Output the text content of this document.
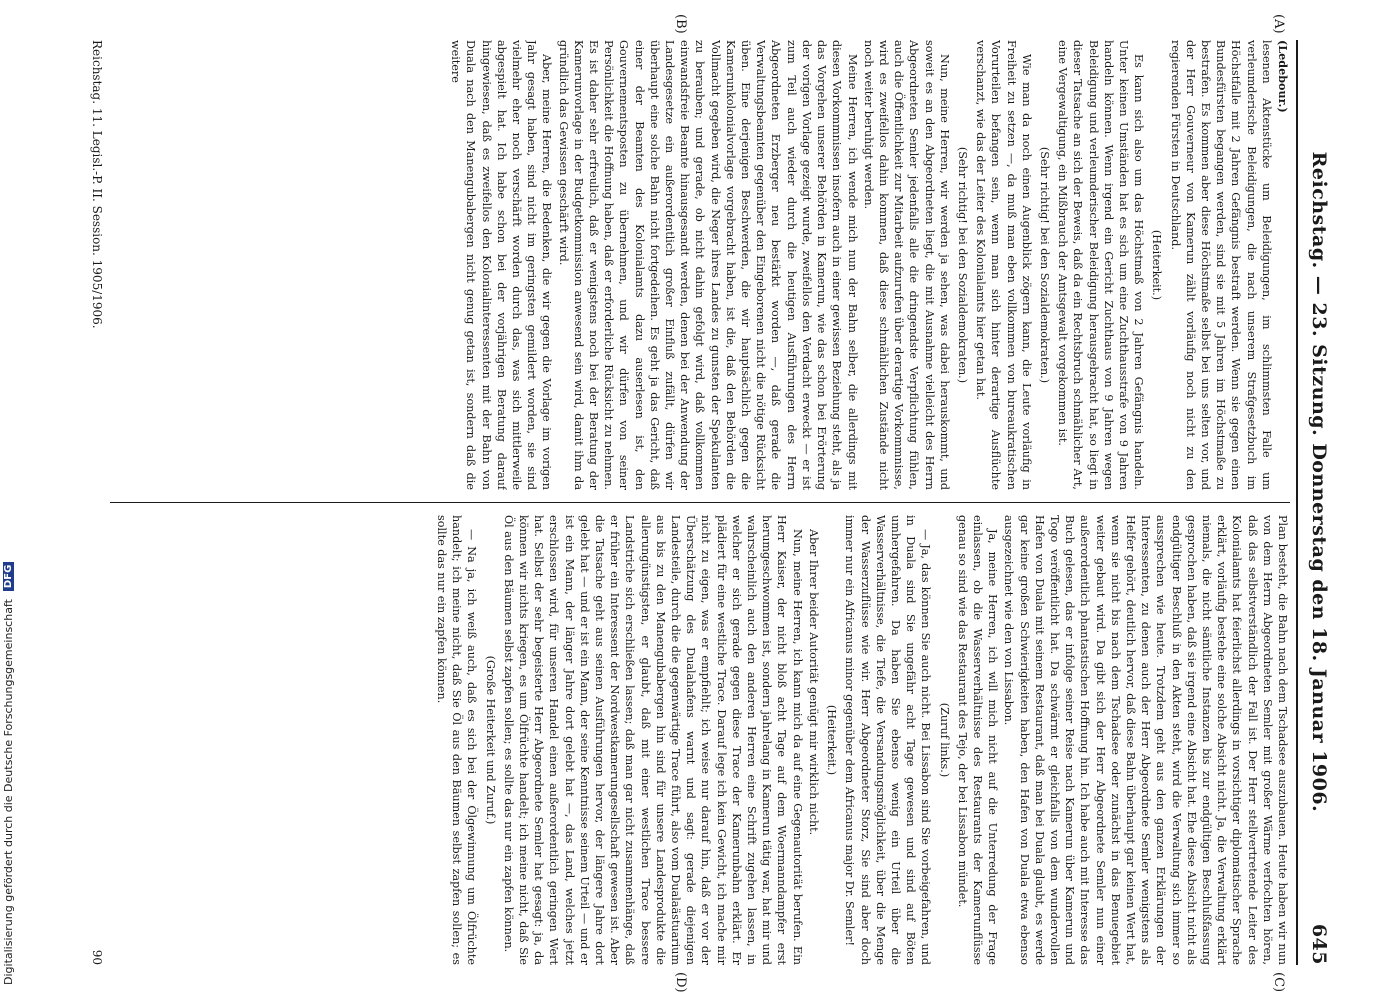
Reichstag. — 23. Sitzung. Donnerstag den 18. Januar 1906.
645

(Ledebour.)

lesenen Aktenstücke um Beleidigungen, im schlimmsten Falle um verleumderische Beleidigungen, die nach unserem Strafgesetzbuch im Höchstfalle mit 2 Jahren Gefängnis bestraft werden. Wenn sie gegen einen Bundesfürsten begangen werden, sind sie mit 5 Jahren im Höchstmaße zu bestrafen. Es kommen aber diese Höchstmaße selbst bei uns selten vor, und der Herr Gouverneur von Kamerun zählt vorläufig noch nicht zu den regierenden Fürsten in Deutschland.

(Heiterkeit.)

Es kann sich also um das Höchstmaß von 2 Jahren Gefängnis handeln. Unter keinen Umständen hat es sich um eine Zuchthausstrafe von 9 Jahren handeln können. Wenn irgend ein Gericht Zuchthaus von 9 Jahren wegen Beleidigung und verleumderischer Beleidigung herausgebracht hat, so liegt in dieser Tatsache an sich der Beweis, daß da ein Rechtsbruch schmählicher Art, eine Vergewaltigung, ein Mißbrauch der Amtsgewalt vorgekommen ist.

(Sehr richtig! bei den Sozialdemokraten.)

Wie man da noch einen Augenblick zögern kann, die Leute vorläufig in Freiheit zu setzen —, da muß man eben vollkommen von bureaukratischen Vorurteilen befangen sein, wenn man sich hinter derartige Ausflüchte verschanzt, wie das der Leiter des Kolonialamts hier getan hat.

(Sehr richtig! bei den Sozialdemokraten.)

Nun, meine Herren, wir werden ja sehen, was dabei herauskommt, und soweit es an den Abgeordneten liegt, die mit Ausnahme vielleicht des Herrn Abgeordneten Semler jedenfalls alle die dringendste Verpflichtung fühlen, auch die Öffentlichkeit zur Mitarbeit aufzurufen über derartige Vorkommnisse, wird es zweifellos dahin kommen, daß diese schmählichen Zustände nicht noch weiter beruhigt werden.

Meine Herren, ich wende mich nun der Bahn selber, die allerdings mit diesen Vorkommnissen insofern auch in einer gewissen Beziehung steht, als ja das Vorgehen unserer Behörden in Kamerun, wie das schon bei Erörterung der vorigen Vorlage gezeigt wurde, zweifellos den Verdacht erweckt — er ist zum Teil auch wieder durch die heutigen Ausführungen des Herrn Abgeordneten Erzberger neu bestärkt worden —, daß gerade die Verwaltungsbeamten gegenüber den Eingeborenen nicht die nötige Rücksicht üben. Eine derjenigen Beschwerden, die wir hauptsächlich gegen die Kamerunkolonialvorlage vorgebracht haben, ist die, daß den Behörden die Vollmacht gegeben wird, die Neger ihres Landes zu gunsten der Spekulanten zu berauben; und gerade, ob nicht dahin gefolgt wird, daß vollkommen einwandsfreie Beamte hinausgesandt werden, denen bei der Anwendung der Landesgesetze ein außerordentlich großer Einfluß zufällt, dürfen wir überhaupt eine solche Bahn nicht fortgedeihen. Es geht ja das Gericht, daß einer der Beamten des Kolonialamts dazu auserlesen ist, den Gouvernementsposten zu übernehmen, und wir dürfen von seiner Persönlichkeit die Hoffnung haben, daß er erforderliche Rücksicht zu nehmen. Es ist daher sehr erfreulich, daß er wenigstens noch bei der Beratung der Kamerunvorlage in der Budgetkommission anwesend sein wird, damit ihm da gründlich das Gewissen geschärft wird.

Aber, meine Herren, die Bedenken, die wir gegen die Vorlage im vorigen Jahr gesagt haben, sind nicht im geringsten gemildert worden, sie sind vielmehr eher noch verschärft worden durch das, was sich mittlerweile abgespielt hat. Ich habe schon bei der vorjährigen Beratung darauf hingewiesen, daß es zweifellos den Kolonialinteressenten mit der Bahn von Duala nach den Manengubabergen nicht genug getan ist, sondern daß die weitere

Plan besteht, die Bahn nach dem Tschadsee auszubauen. Heute haben wir nun von dem Herrn Abgeordneten Semler mit großer Wärme verfochten hören, daß das selbstverständlich der Fall ist. Der Herr stellvertretende Leiter des Kolonialamts hat feierlichst allerdings in vorsichtiger diplomatischer Sprache erklärt, vorläufig bestehe eine solche Absicht nicht. Ja, die Verwaltung erklärt niemals, die nicht sämtliche Instanzen bis zur endgültigen Beschlußfassung gesprochen haben, daß sie irgend eine Absicht hat. Ehe diese Absicht nicht als endgültiger Beschluß in den Akten steht, wird die Verwaltung sich immer so aussprechen wie heute. Trotzdem geht aus den ganzen Erklärungen der Interessenten, zu denen auch der Herr Abgeordnete Semler wenigstens als Helfer gehört, deutlich hervor, daß diese Bahn überhaupt gar keinen Wert hat, wenn sie nicht bis nach dem Tschadsee oder zunächst in das Benuegebiet weiter gebaut wird. Da gibt sich der Herr Abgeordnete Semler nun einer außerordentlich phantastischen Hoffnung hin. Ich habe auch mit Interesse das Buch gelesen, das er infolge seiner Reise nach Kamerun über Kamerun und Togo veröffentlicht hat. Da schwärmt er gleichfalls von dem wundervollen Hafen von Duala mit seinem Restaurant, daß man bei Duala glaubt, es werde gar keine großen Schwierigkeiten haben, den Hafen von Duala etwa ebenso ausgezeichnet wie den von Lissabon.

Ja, meine Herren, ich will mich nicht auf die Unterredung der Frage einlassen, ob die Wasserverhältnisse des Restaurants der Kamerunflüsse genau so sind wie das Restaurant des Tejo, der bei Lissabon mündet.

(Zuruf links.)

— Ja, das können Sie auch nicht. Bei Lissabon sind Sie vorbeigefahren, und in Duala sind Sie ungefähr acht Tage gewesen und sind auf Böten umhergefahren. Da haben Sie ebenso wenig ein Urteil über die Wasserverhältnisse, die Tiefe, die Versandungsmöglichkeit, über die Menge der Wasserzuflüsse wie wir. Herr Abgeordneter Storz, Sie sind aber doch immer nur ein Africanus minor gegenüber dem Africanus major Dr. Semler!

(Heiterkeit.)

Aber Ihrer beider Autorität genügt mir wirklich nicht.

Nun, meine Herren, ich kann mich da auf eine Gegenautorität berufen. Ein Herr Kaiser, der nicht bloß acht Tage auf dem Woermanndampfer erst herumgeschwommen ist, sondern jahrelang in Kamerun tätig war, hat mir und wahrscheinlich auch den anderen Herren eine Schrift zugehen lassen, in welcher er sich gerade gegen diese Trace der Kamerunbahn erklärt. Er plädiert für eine westliche Trace. Darauf lege ich kein Gewicht, ich mache mir nicht zu eigen, was er empfiehlt; ich weise nur darauf hin, daß er vor der Überschätzung des Dualahafens warnt und sagt: gerade diejenigen Landesteile, durch die die gegenwärtige Trace führt, also vom Dualaästuarium aus bis zu den Manengubabergen hin sind für unsere Landesprodukte die allerungünstigsten, er glaubt, daß mit einer westlichen Trace bessere Landstriche sich erschließen lassen; daß man gar nicht zusammenhänge, daß er früher ein Interessent der Nordwestkamerungesellschaft gewesen ist. Aber die Tatsache geht aus seinen Ausführungen hervor, der längere Jahre dort gelebt hat — und er ist ein Mann, der seine Kenntnisse seinem Urteil — und er ist ein Mann, der länger Jahre dort gelebt hat —, das Land, welches jetzt erschlossen wird, für unseren Handel einen außerordentlich geringen Wert hat. Selbst der sehr begeisterte Herr Abgeordnete Semler hat gesagt: ja, da können wir nichts kriegen, es um Ölfrüchte handelt; ich meine nicht, daß Sie Öl aus den Bäumen selbst zapfen sollen; es sollte das nur ein zapfen können.

(Große Heiterkeit und Zuruf.)

— Na ja, ich weiß auch, daß es sich bei der Ölgewinnung um Ölfrüchte handelt; ich meine nicht, daß Sie Öl aus den Bäumen selbst zapfen sollen; es sollte das nur ein zapfen können.

(A)
(B)
(C)
(D)
Reichstag. 11. Legisl.-P. II. Session. 1905/1906.
90
Digitalisierung gefördert durch die Deutsche Forschungsgemeinschaft
DFG
